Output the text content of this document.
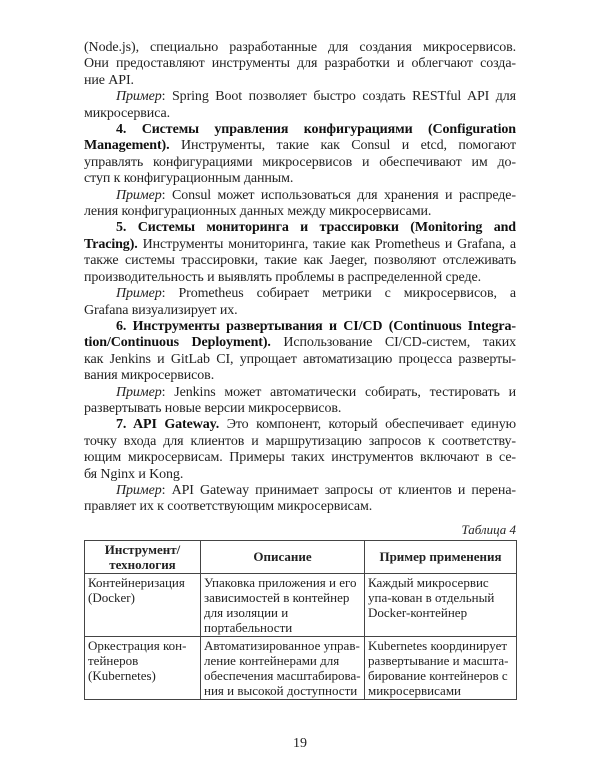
(Node.js), специально разработанные для создания микросервисов.
Они предоставляют инструменты для разработки и облегчают созда-
ние API.
Пример: Spring Boot позволяет быстро создать RESTful API для
микросервиса.
4. Системы управления конфигурациями (Configuration
Management). Инструменты, такие как Consul и etcd, помогают
управлять конфигурациями микросервисов и обеспечивают им до-
ступ к конфигурационным данным.
Пример: Consul может использоваться для хранения и распреде-
ления конфигурационных данных между микросервисами.
5. Системы мониторинга и трассировки (Monitoring and
Tracing). Инструменты мониторинга, такие как Prometheus и Grafana, а
также системы трассировки, такие как Jaeger, позволяют отслеживать
производительность и выявлять проблемы в распределенной среде.
Пример: Prometheus собирает метрики с микросервисов, а
Grafana визуализирует их.
6. Инструменты развертывания и CI/CD (Continuous Integra-
tion/Continuous Deployment). Использование CI/CD-систем, таких
как Jenkins и GitLab CI, упрощает автоматизацию процесса разверты-
вания микросервисов.
Пример: Jenkins может автоматически собирать, тестировать и
развертывать новые версии микросервисов.
7. API Gateway. Это компонент, который обеспечивает единую
точку входа для клиентов и маршрутизацию запросов к соответству-
ющим микросервисам. Примеры таких инструментов включают в се-
бя Nginx и Kong.
Пример: API Gateway принимает запросы от клиентов и перена-
правляет их к соответствующим микросервисам.
Таблица 4
Инструмент/ технология	Описание	Пример применения
Контейнеризация (Docker)	Упаковка приложения и его зависимостей в контейнер для изоляции и портабельности	Каждый микросервис упа-кован в отдельный Docker-контейнер
Оркестрация кон-тейнеров (Kubernetes)	Автоматизированное управ-ление контейнерами для обеспечения масштабирова-ния и высокой доступности	Kubernetes координирует развертывание и масшта-бирование контейнеров с микросервисами
19
